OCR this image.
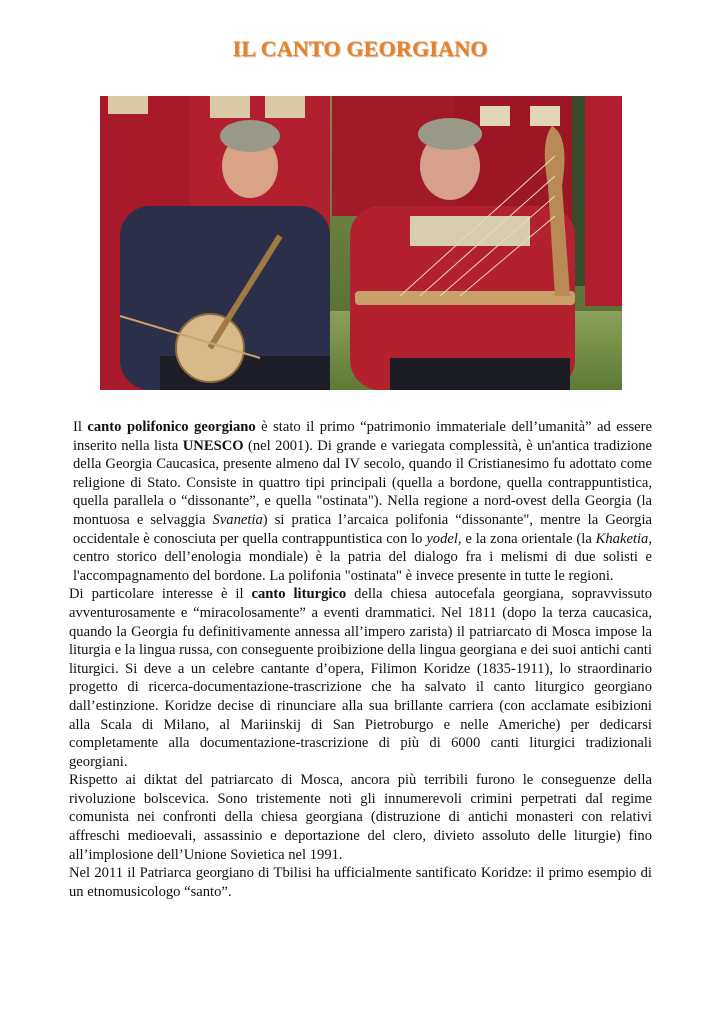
IL CANTO GEORGIANO

Il canto polifonico georgiano è stato il primo “patrimonio immateriale dell’umanità” ad essere inserito nella lista UNESCO (nel 2001). Di grande e variegata complessità, è un'antica tradizione della Georgia Caucasica, presente almeno dal IV secolo, quando il Cristianesimo fu adottato come religione di Stato. Consiste in quattro tipi principali (quella a bordone, quella contrappuntistica, quella parallela o “dissonante”, e quella "ostinata"). Nella regione a nord-ovest della Georgia (la montuosa e selvaggia Svanetia) si pratica l’arcaica polifonia “dissonante", mentre la Georgia occidentale è conosciuta per quella contrappuntistica con lo yodel, e la zona orientale (la Khaketia, centro storico dell’enologia mondiale) è la patria del dialogo fra i melismi di due solisti e l'accompagnamento del bordone. La polifonia "ostinata" è invece presente in tutte le regioni.

Di particolare interesse è il canto liturgico della chiesa autocefala georgiana, sopravvissuto avventurosamente e “miracolosamente” a eventi drammatici. Nel 1811 (dopo la terza caucasica, quando la Georgia fu definitivamente annessa all’impero zarista) il patriarcato di Mosca impose la liturgia e la lingua russa, con conseguente proibizione della lingua georgiana e dei suoi antichi canti liturgici. Si deve a un celebre cantante d’opera, Filimon Koridze (1835-1911), lo straordinario progetto di ricerca-documentazione-trascrizione che ha salvato il canto liturgico georgiano dall’estinzione. Koridze decise di rinunciare alla sua brillante carriera (con acclamate esibizioni alla Scala di Milano, al Mariinskij di San Pietroburgo e nelle Americhe) per dedicarsi completamente alla documentazione-trascrizione di più di 6000 canti liturgici tradizionali georgiani.

Rispetto ai diktat del patriarcato di Mosca, ancora più terribili furono le conseguenze della rivoluzione bolscevica. Sono tristemente noti gli innumerevoli crimini perpetrati dal regime comunista nei confronti della chiesa georgiana (distruzione di antichi monasteri con relativi affreschi medioevali, assassinio e deportazione del clero, divieto assoluto delle liturgie) fino all’implosione dell’Unione Sovietica nel 1991.

Nel 2011 il Patriarca georgiano di Tbilisi ha ufficialmente santificato Koridze: il primo esempio di un etnomusicologo “santo”.
